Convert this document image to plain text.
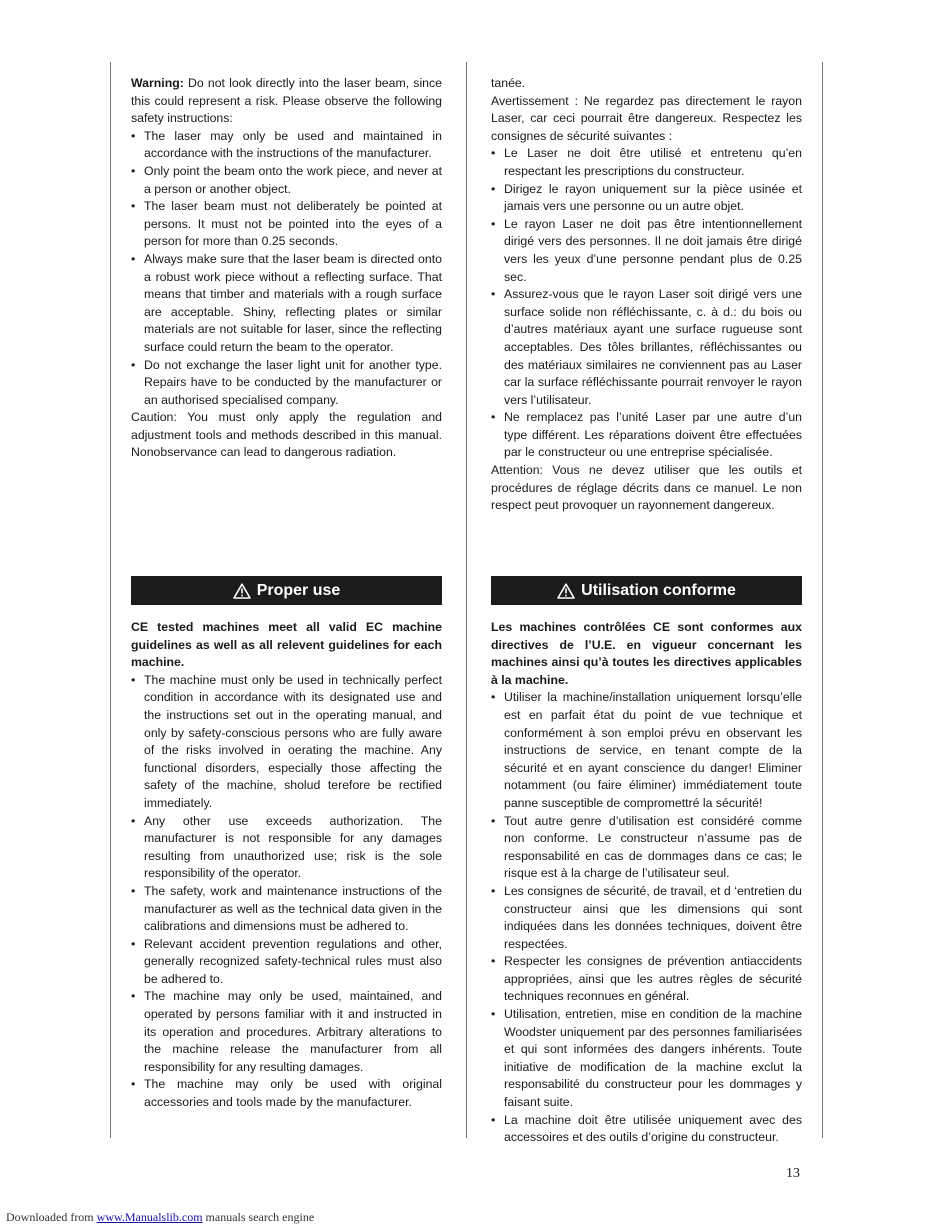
Warning: Do not look directly into the laser beam, since this could represent a risk. Please observe the following safety instructions:

• The laser may only be used and maintained in accordance with the instructions of the manufacturer.
• Only point the beam onto the work piece, and never at a person or another object.
• The laser beam must not deliberately be pointed at persons. It must not be pointed into the eyes of a person for more than 0.25 seconds.
• Always make sure that the laser beam is directed onto a robust work piece without a reflecting surface. That means that timber and materials with a rough surface are acceptable. Shiny, reflecting plates or similar materials are not suitable for laser, since the reflecting surface could return the beam to the operator.
• Do not exchange the laser light unit for another type. Repairs have to be conducted by the manufacturer or an authorised specialised company.

Caution: You must only apply the regulation and adjustment tools and methods described in this manual. Nonobservance can lead to dangerous radiation.

tanée.

Avertissement : Ne regardez pas directement le rayon Laser, car ceci pourrait être dangereux. Respectez les consignes de sécurité suivantes :

• Le Laser ne doit être utilisé et entretenu qu’en respectant les prescriptions du constructeur.
• Dirigez le rayon uniquement sur la pièce usinée et jamais vers une personne ou un autre objet.
• Le rayon Laser ne doit pas être intentionnellement dirigé vers des personnes. Il ne doit jamais être dirigé vers les yeux d’une personne pendant plus de 0.25 sec.
• Assurez-vous que le rayon Laser soit dirigé vers une surface solide non réfléchissante, c. à d.: du bois ou d’autres matériaux ayant une surface rugueuse sont acceptables. Des tôles brillantes, réfléchissantes ou des matériaux similaires ne conviennent pas au Laser car la surface réfléchissante pourrait renvoyer le rayon vers l’utilisateur.
• Ne remplacez pas l’unité Laser par une autre d’un type différent. Les réparations doivent être effectuées par le constructeur ou une entreprise spécialisée.

Attention: Vous ne devez utiliser que les outils et procédures de réglage décrits dans ce manuel. Le non respect peut provoquer un rayonnement dangereux.

Proper use	Utilisation conforme

CE tested machines meet all valid EC machine guidelines as well as all relevent guidelines for each machine.

• The machine must only be used in technically perfect condition in accordance with its designated use and the instructions set out in the operating manual, and only by safety-conscious persons who are fully aware of the risks involved in oerating the machine. Any functional disorders, especially those affecting the safety of the machine, sholud terefore be rectified immediately.
• Any other use exceeds authorization. The manufacturer is not responsible for any damages resulting from unauthorized use; risk is the sole responsibility of the operator.
• The safety, work and maintenance instructions of the manufacturer as well as the technical data given in the calibrations and dimensions must be adhered to.
• Relevant accident prevention regulations and other, generally recognized safety-technical rules must also be adhered to.
• The machine may only be used, maintained, and operated by persons familiar with it and instructed in its operation and procedures. Arbitrary alterations to the machine release the manufacturer from all responsibility for any resulting damages.
• The machine may only be used with original accessories and tools made by the manufacturer.

Les machines contrôlées CE sont conformes aux directives de l’U.E. en vigueur concernant les machines ainsi qu’à toutes les directives applicables à la machine.

• Utiliser la machine/installation uniquement lorsqu’elle est en parfait état du point de vue technique et conformément à son emploi prévu en observant les instructions de service, en tenant compte de la sécurité et en ayant conscience du danger! Eliminer notamment (ou faire éliminer) immédiatement toute panne susceptible de compromettré la sécurité!
• Tout autre genre d’utilisation est considéré comme non conforme. Le constructeur n’assume pas de responsabilité en cas de dommages dans ce cas; le risque est à la charge de l’utilisateur seul.
• Les consignes de sécurité, de travail, et d ‘entretien du constructeur ainsi que les dimensions qui sont indiquées dans les données techniques, doivent être respectées.
• Respecter les consignes de prévention antiaccidents appropriées, ainsi que les autres règles de sécurité techniques reconnues en général.
• Utilisation, entretien, mise en condition de la machine Woodster uniquement par des personnes familiarisées et qui sont informées des dangers inhérents. Toute initiative de modification de la machine exclut la responsabilité du constructeur pour les dommages y faisant suite.
• La machine doit être utilisée uniquement avec des accessoires et des outils d’origine du constructeur.
13
Downloaded from www.Manualslib.com manuals search engine
